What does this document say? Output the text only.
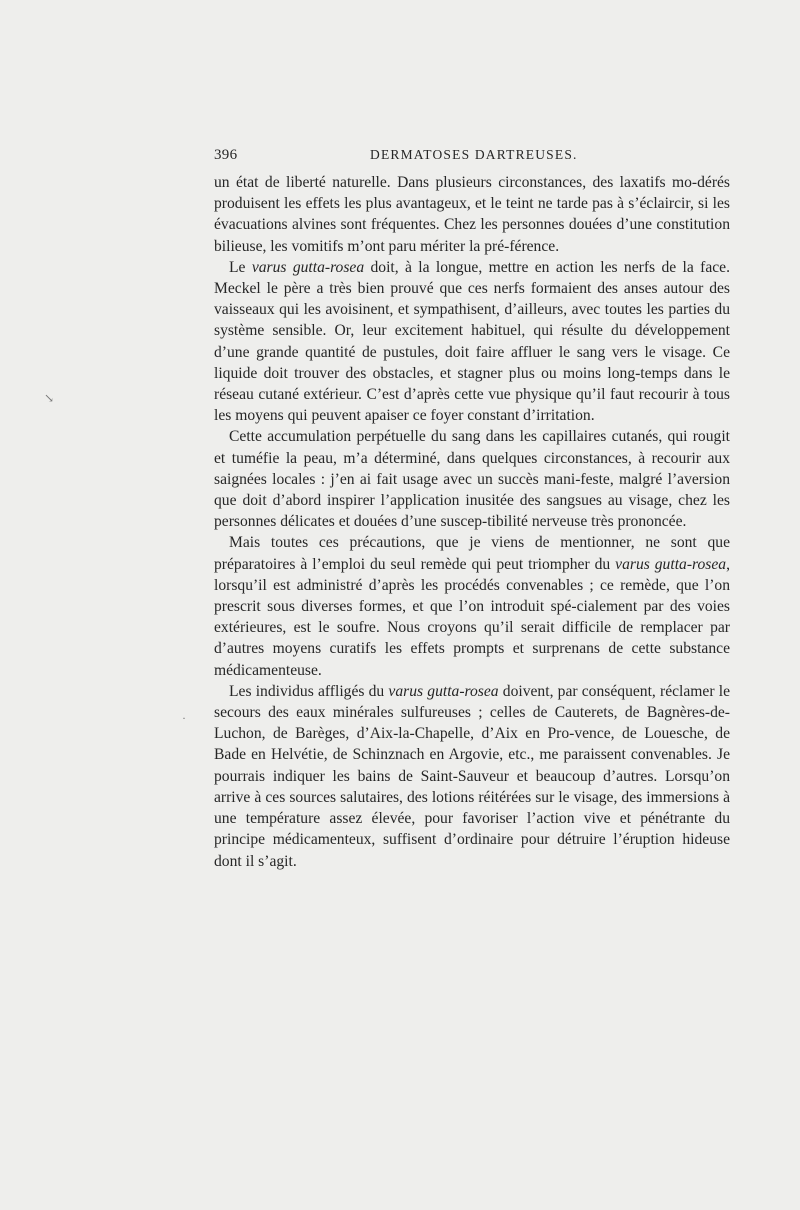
396	DERMATOSES DARTREUSES.

un état de liberté naturelle. Dans plusieurs circonstances, des laxatifs mo-dérés produisent les effets les plus avantageux, et le teint ne tarde pas à s’éclaircir, si les évacuations alvines sont fréquentes. Chez les personnes douées d’une constitution bilieuse, les vomitifs m’ont paru mériter la pré-férence.

Le varus gutta-rosea doit, à la longue, mettre en action les nerfs de la face. Meckel le père a très bien prouvé que ces nerfs formaient des anses autour des vaisseaux qui les avoisinent, et sympathisent, d’ailleurs, avec toutes les parties du système sensible. Or, leur excitement habituel, qui résulte du développement d’une grande quantité de pustules, doit faire affluer le sang vers le visage. Ce liquide doit trouver des obstacles, et stagner plus ou moins long-temps dans le réseau cutané extérieur. C’est d’après cette vue physique qu’il faut recourir à tous les moyens qui peuvent apaiser ce foyer constant d’irritation.

Cette accumulation perpétuelle du sang dans les capillaires cutanés, qui rougit et tuméfie la peau, m’a déterminé, dans quelques circonstances, à recourir aux saignées locales : j’en ai fait usage avec un succès mani-feste, malgré l’aversion que doit d’abord inspirer l’application inusitée des sangsues au visage, chez les personnes délicates et douées d’une suscep-tibilité nerveuse très prononcée.

Mais toutes ces précautions, que je viens de mentionner, ne sont que préparatoires à l’emploi du seul remède qui peut triompher du varus gutta-rosea, lorsqu’il est administré d’après les procédés convenables ; ce remède, que l’on prescrit sous diverses formes, et que l’on introduit spé-cialement par des voies extérieures, est le soufre. Nous croyons qu’il serait difficile de remplacer par d’autres moyens curatifs les effets prompts et surprenans de cette substance médicamenteuse.

Les individus affligés du varus gutta-rosea doivent, par conséquent, réclamer le secours des eaux minérales sulfureuses ; celles de Cauterets, de Bagnères-de-Luchon, de Barèges, d’Aix-la-Chapelle, d’Aix en Pro-vence, de Louesche, de Bade en Helvétie, de Schinznach en Argovie, etc., me paraissent convenables. Je pourrais indiquer les bains de Saint-Sauveur et beaucoup d’autres. Lorsqu’on arrive à ces sources salutaires, des lotions réitérées sur le visage, des immersions à une température assez élevée, pour favoriser l’action vive et pénétrante du principe médicamenteux, suffisent d’ordinaire pour détruire l’éruption hideuse dont il s’agit.

↘
·
